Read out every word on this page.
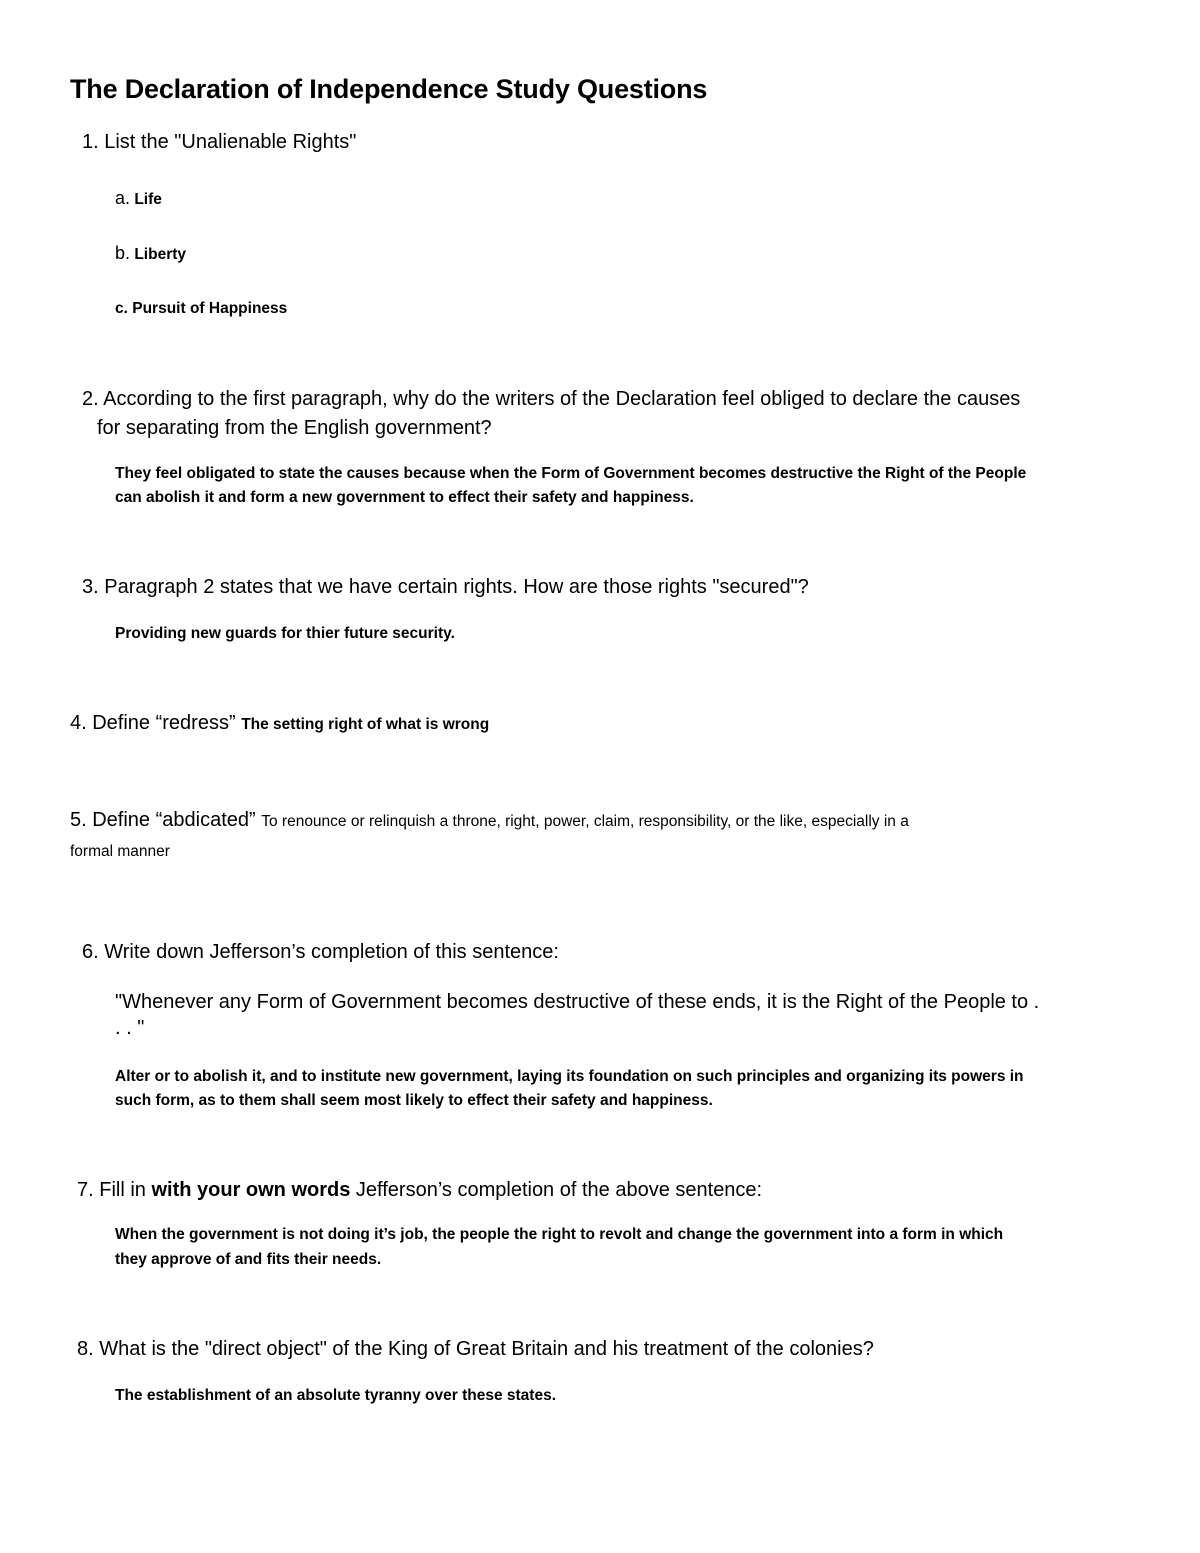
The Declaration of Independence Study Questions
1. List the "Unalienable Rights"
a. Life
b. Liberty
c. Pursuit of Happiness
2. According to the first paragraph, why do the writers of the Declaration feel obliged to declare the causes
for separating from the English government?
They feel obligated to state the causes because when the Form of Government becomes destructive the Right of the People
can abolish it and form a new government to effect their safety and happiness.
3. Paragraph 2 states that we have certain rights. How are those rights "secured"?
Providing new guards for thier future security.
4. Define “redress” The setting right of what is wrong
5. Define “abdicated” To renounce or relinquish a throne, right, power, claim, responsibility, or the like, especially in a
formal manner
6. Write down Jefferson’s completion of this sentence:
"Whenever any Form of Government becomes destructive of these ends, it is the Right of the People to .
. . "
Alter or to abolish it, and to institute new government, laying its foundation on such principles and organizing its powers in
such form, as to them shall seem most likely to effect their safety and happiness.
7. Fill in with your own words Jefferson’s completion of the above sentence:
When the government is not doing it’s job, the people the right to revolt and change the government into a form in which
they approve of and fits their needs.
8. What is the "direct object" of the King of Great Britain and his treatment of the colonies?
The establishment of an absolute tyranny over these states.
